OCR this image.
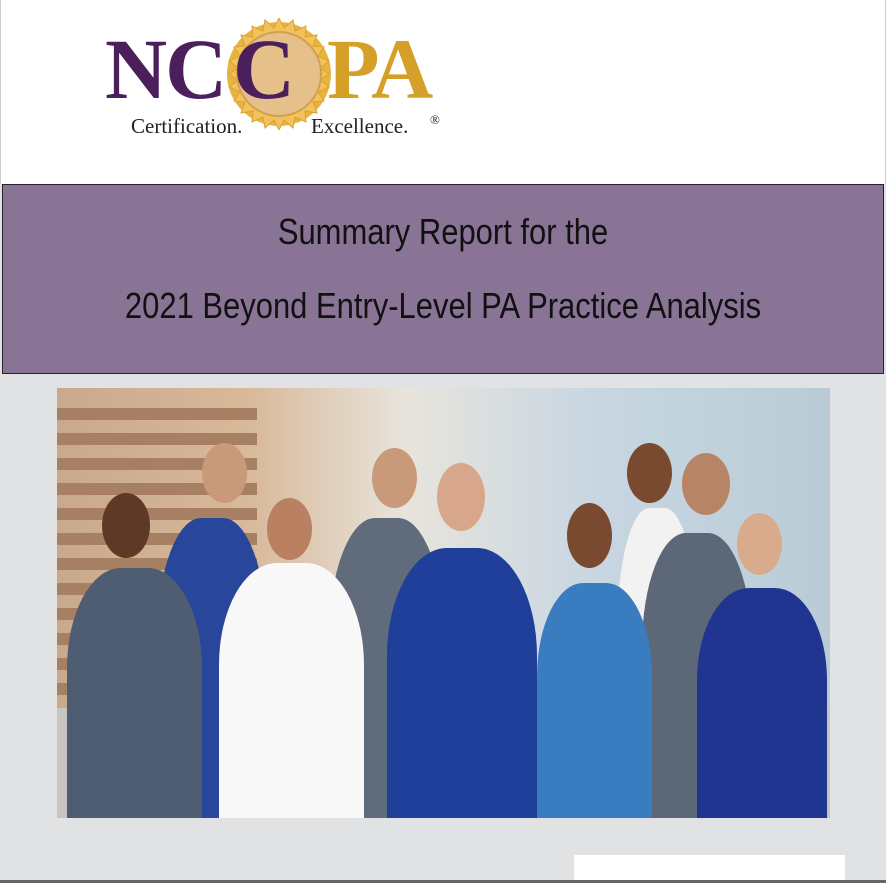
NC C PA
Certification.	Excellence. ®
Summary Report for the
2021 Beyond Entry-Level PA Practice Analysis
